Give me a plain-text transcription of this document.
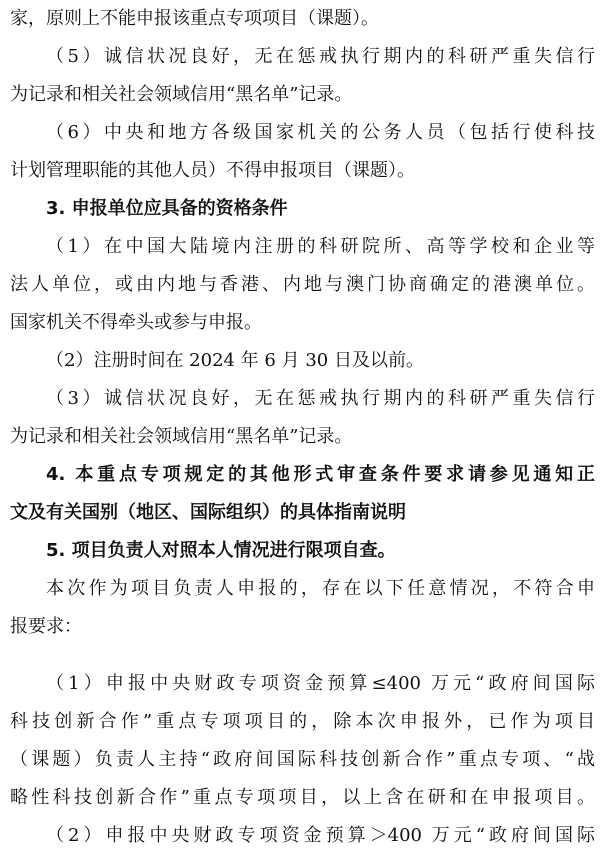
家，原则上不能申报该重点专项项目（课题）。
（5）诚信状况良好，无在惩戒执行期内的科研严重失信行
为记录和相关社会领域信用“黑名单”记录。
（6）中央和地方各级国家机关的公务人员（包括行使科技
计划管理职能的其他人员）不得申报项目（课题）。
3. 申报单位应具备的资格条件
（1）在中国大陆境内注册的科研院所、高等学校和企业等
法人单位，或由内地与香港、内地与澳门协商确定的港澳单位。
国家机关不得牵头或参与申报。
（2）注册时间在 2024 年 6 月 30 日及以前。
（3）诚信状况良好，无在惩戒执行期内的科研严重失信行
为记录和相关社会领域信用“黑名单”记录。
4. 本重点专项规定的其他形式审查条件要求请参见通知正
文及有关国别（地区、国际组织）的具体指南说明
5. 项目负责人对照本人情况进行限项自查。
本次作为项目负责人申报的，存在以下任意情况，不符合申
报要求：
（1）申报中央财政专项资金预算≤400 万元“政府间国际
科技创新合作”重点专项项目的，除本次申报外，已作为项目
（课题）负责人主持“政府间国际科技创新合作”重点专项、“战
略性科技创新合作”重点专项项目，以上含在研和在申报项目。
（2）申报中央财政专项资金预算＞400 万元“政府间国际
